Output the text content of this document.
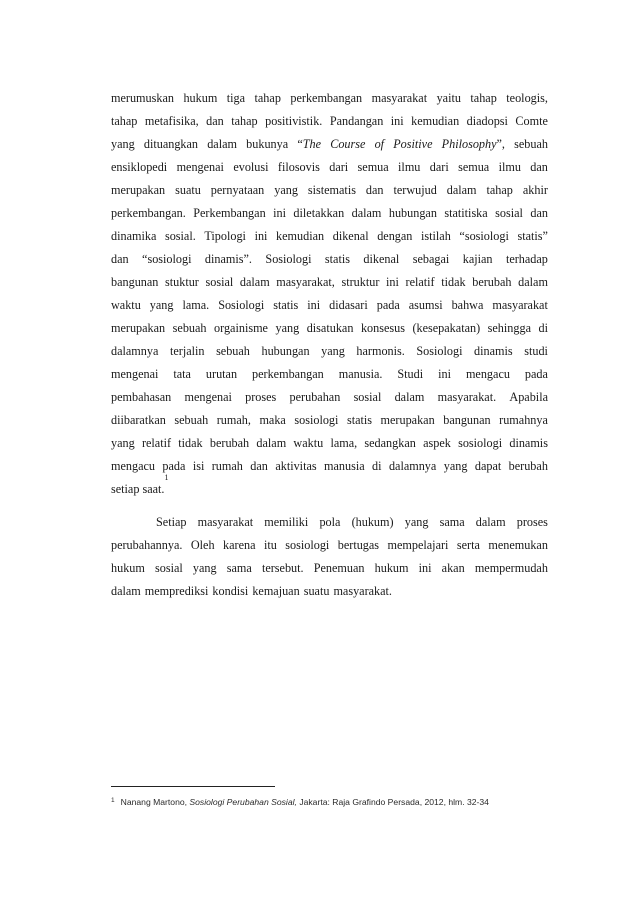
merumuskan hukum tiga tahap perkembangan masyarakat yaitu tahap teologis,
tahap metafisika, dan tahap positivistik. Pandangan ini kemudian diadopsi Comte
yang dituangkan dalam bukunya “The Course of Positive Philosophy”, sebuah
ensiklopedi mengenai evolusi filosovis dari semua ilmu dari semua ilmu dan
merupakan suatu pernyataan yang sistematis dan terwujud dalam tahap akhir
perkembangan. Perkembangan ini diletakkan dalam hubungan statitiska sosial dan
dinamika sosial. Tipologi ini kemudian dikenal dengan istilah “sosiologi statis”
dan “sosiologi dinamis”. Sosiologi statis dikenal sebagai kajian terhadap
bangunan stuktur sosial dalam masyarakat, struktur ini relatif tidak berubah dalam
waktu yang lama. Sosiologi statis ini didasari pada asumsi bahwa masyarakat
merupakan sebuah orgainisme yang disatukan konsesus (kesepakatan) sehingga di
dalamnya terjalin sebuah hubungan yang harmonis. Sosiologi dinamis studi
mengenai tata urutan perkembangan manusia. Studi ini mengacu pada
pembahasan mengenai proses perubahan sosial dalam masyarakat. Apabila
diibaratkan sebuah rumah, maka sosiologi statis merupakan bangunan rumahnya
yang relatif tidak berubah dalam waktu lama, sedangkan aspek sosiologi dinamis
mengacu pada isi rumah dan aktivitas manusia di dalamnya yang dapat berubah
setiap saat.
1
Setiap masyarakat memiliki pola (hukum) yang sama dalam proses
perubahannya. Oleh karena itu sosiologi bertugas mempelajari serta menemukan
hukum sosial yang sama tersebut. Penemuan hukum ini akan mempermudah
dalam memprediksi kondisi kemajuan suatu masyarakat.
$^1$ Nanang Martono, Sosiologi Perubahan Sosial, Jakarta: Raja Grafindo Persada, 2012, hlm. 32-34
